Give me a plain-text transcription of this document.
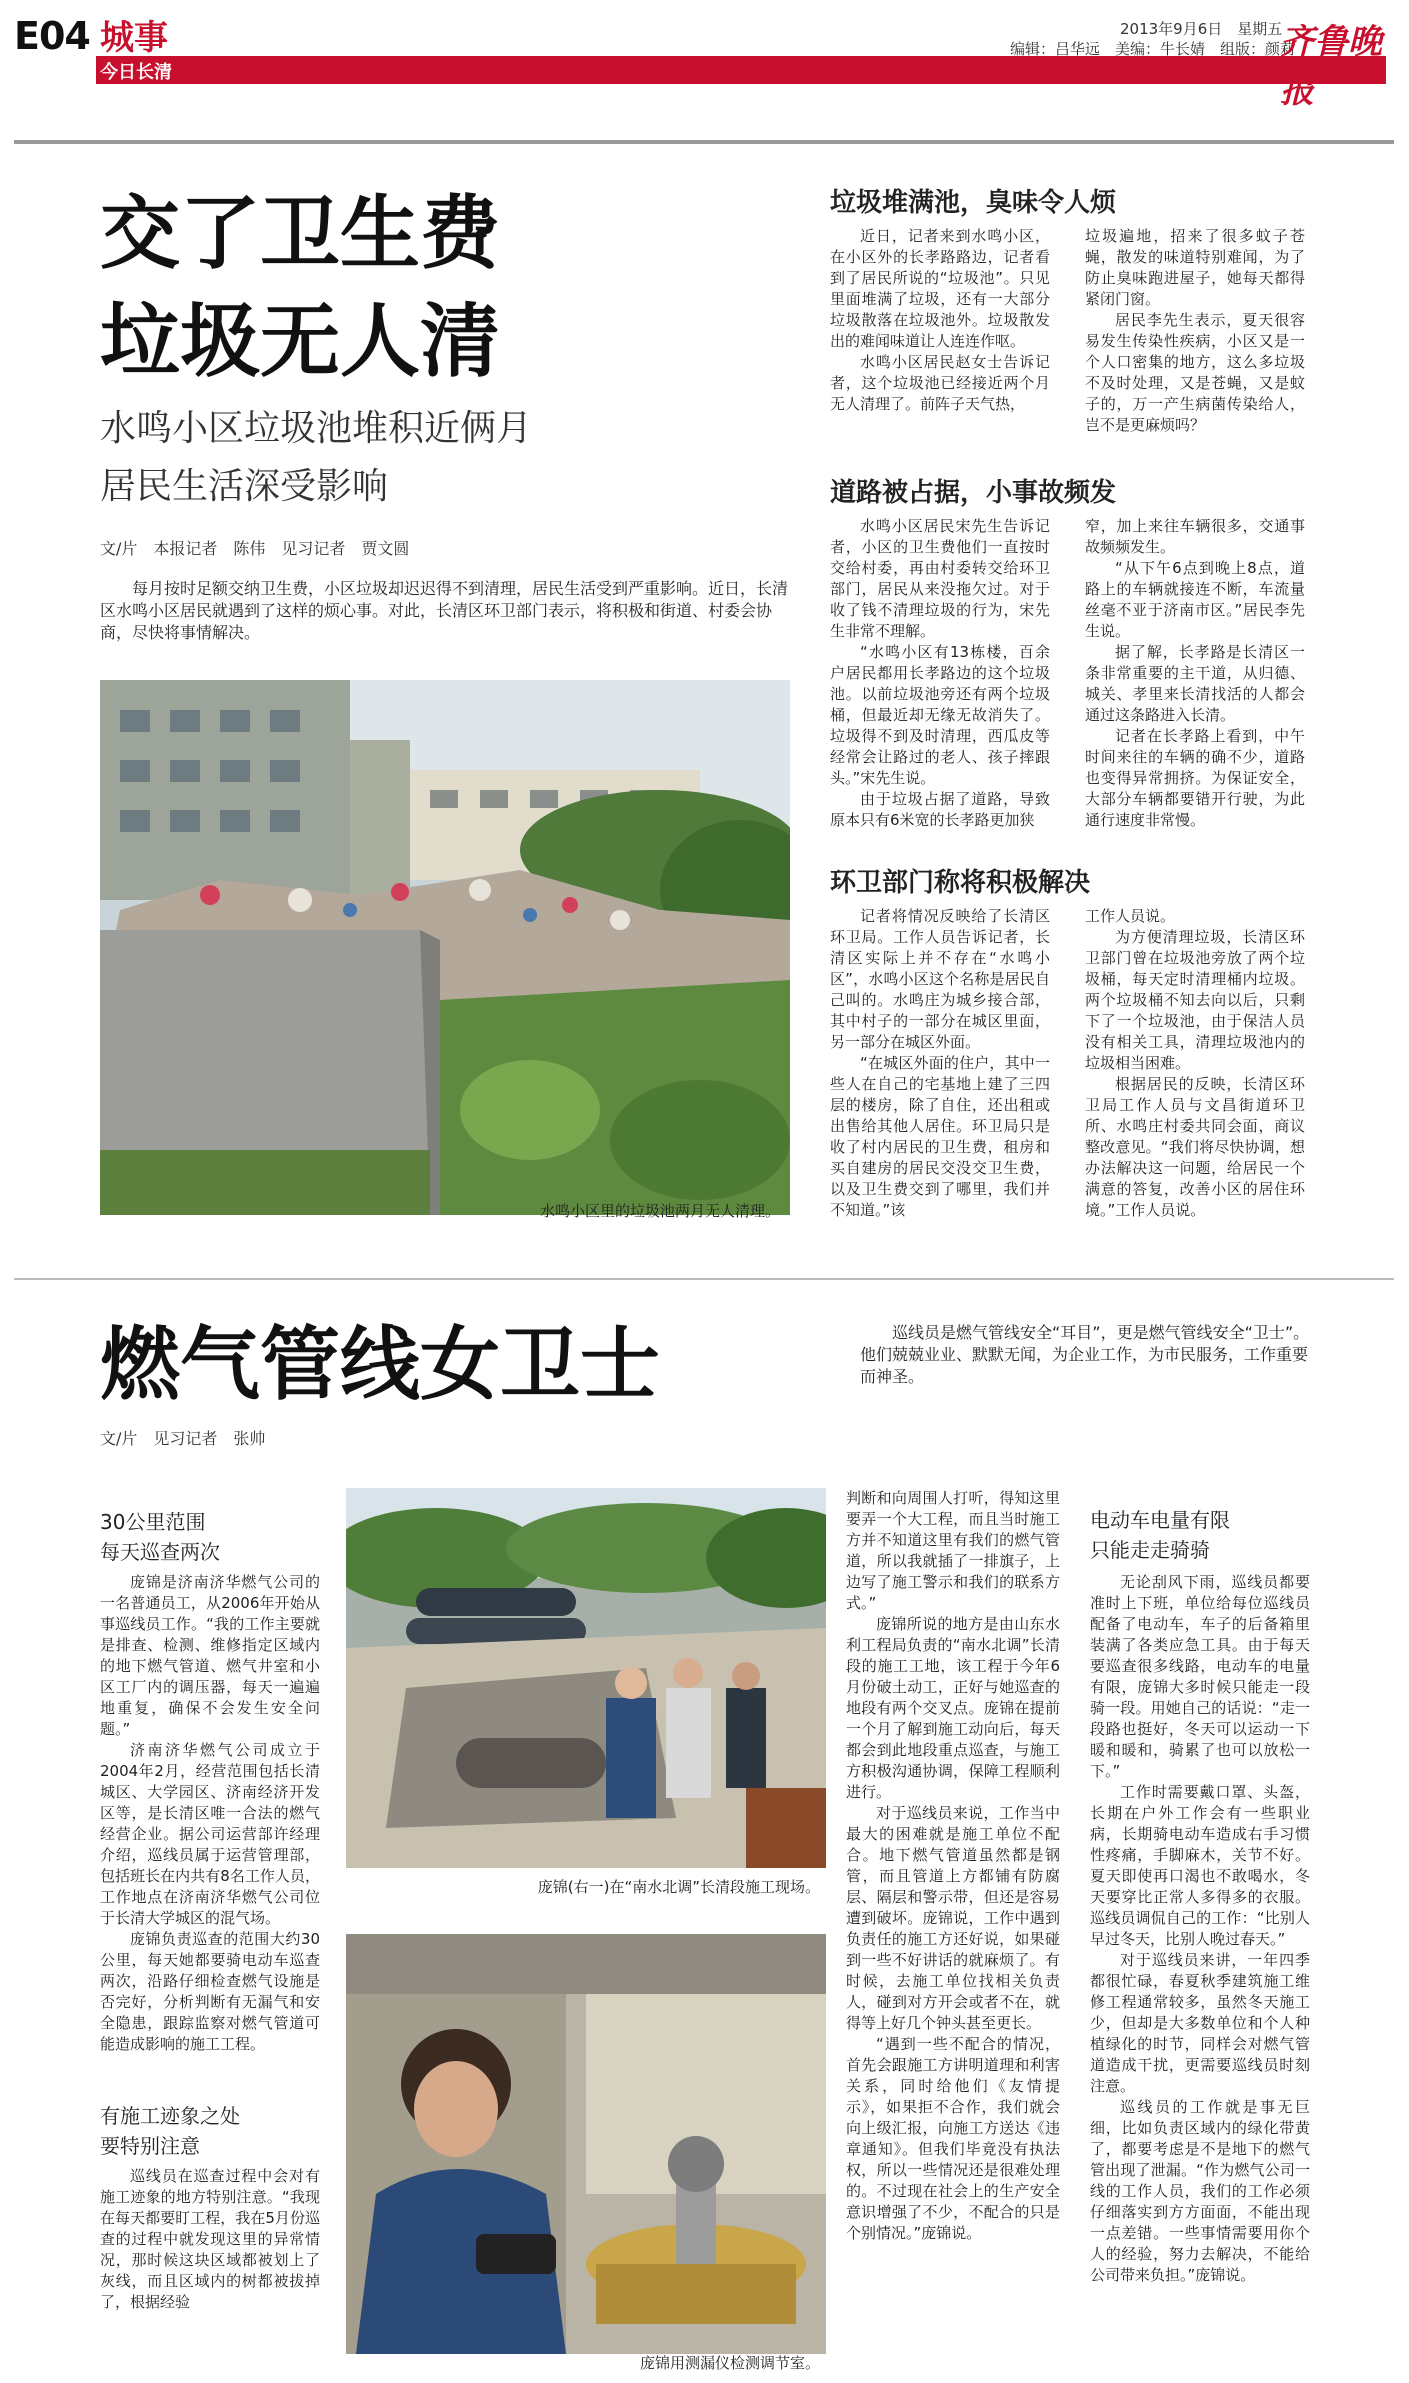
E04 城事
今日长清
2013年9月6日　星期五
编辑：吕华远　美编：牛长婧　组版：颜莉
齐鲁晚报
交了卫生费
垃圾无人清
水鸣小区垃圾池堆积近俩月
居民生活深受影响
文/片　本报记者　陈伟　见习记者　贾文圆
每月按时足额交纳卫生费，小区垃圾却迟迟得不到清理，居民生活受到严重影响。近日，长清区水鸣小区居民就遇到了这样的烦心事。对此，长清区环卫部门表示，将积极和街道、村委会协商，尽快将事情解决。
水鸣小区里的垃圾池两月无人清理。
垃圾堆满池，臭味令人烦

近日，记者来到水鸣小区，在小区外的长孝路路边，记者看到了居民所说的“垃圾池”。只见里面堆满了垃圾，还有一大部分垃圾散落在垃圾池外。垃圾散发出的难闻味道让人连连作呕。

水鸣小区居民赵女士告诉记者，这个垃圾池已经接近两个月无人清理了。前阵子天气热，

垃圾遍地，招来了很多蚊子苍蝇，散发的味道特别难闻，为了防止臭味跑进屋子，她每天都得紧闭门窗。

居民李先生表示，夏天很容易发生传染性疾病，小区又是一个人口密集的地方，这么多垃圾不及时处理，又是苍蝇，又是蚊子的，万一产生病菌传染给人，岂不是更麻烦吗？

道路被占据，小事故频发

水鸣小区居民宋先生告诉记者，小区的卫生费他们一直按时交给村委，再由村委转交给环卫部门，居民从来没拖欠过。对于收了钱不清理垃圾的行为，宋先生非常不理解。

“水鸣小区有13栋楼，百余户居民都用长孝路边的这个垃圾池。以前垃圾池旁还有两个垃圾桶，但最近却无缘无故消失了。垃圾得不到及时清理，西瓜皮等经常会让路过的老人、孩子摔跟头。”宋先生说。

由于垃圾占据了道路，导致原本只有6米宽的长孝路更加狭

窄，加上来往车辆很多，交通事故频频发生。

“从下午6点到晚上8点，道路上的车辆就接连不断，车流量丝毫不亚于济南市区。”居民李先生说。

据了解，长孝路是长清区一条非常重要的主干道，从归德、城关、孝里来长清找活的人都会通过这条路进入长清。

记者在长孝路上看到，中午时间来往的车辆的确不少，道路也变得异常拥挤。为保证安全，大部分车辆都要错开行驶，为此通行速度非常慢。

环卫部门称将积极解决

记者将情况反映给了长清区环卫局。工作人员告诉记者，长清区实际上并不存在“水鸣小区”，水鸣小区这个名称是居民自己叫的。水鸣庄为城乡接合部，其中村子的一部分在城区里面，另一部分在城区外面。

“在城区外面的住户，其中一些人在自己的宅基地上建了三四层的楼房，除了自住，还出租或出售给其他人居住。环卫局只是收了村内居民的卫生费，租房和买自建房的居民交没交卫生费，以及卫生费交到了哪里，我们并不知道。”该

工作人员说。

为方便清理垃圾，长清区环卫部门曾在垃圾池旁放了两个垃圾桶，每天定时清理桶内垃圾。两个垃圾桶不知去向以后，只剩下了一个垃圾池，由于保洁人员没有相关工具，清理垃圾池内的垃圾相当困难。

根据居民的反映，长清区环卫局工作人员与文昌街道环卫所、水鸣庄村委共同会面，商议整改意见。“我们将尽快协调，想办法解决这一问题，给居民一个满意的答复，改善小区的居住环境。”工作人员说。

燃气管线女卫士	巡线员是燃气管线安全“耳目”，更是燃气管线安全“卫士”。他们兢兢业业、默默无闻，为企业工作，为市民服务，工作重要而神圣。
文/片　见习记者　张帅
30公里范围
每天巡查两次

庞锦是济南济华燃气公司的一名普通员工，从2006年开始从事巡线员工作。“我的工作主要就是排查、检测、维修指定区域内的地下燃气管道、燃气井室和小区工厂内的调压器，每天一遍遍地重复，确保不会发生安全问题。”

济南济华燃气公司成立于2004年2月，经营范围包括长清城区、大学园区、济南经济开发区等，是长清区唯一合法的燃气经营企业。据公司运营部许经理介绍，巡线员属于运营管理部，包括班长在内共有8名工作人员，工作地点在济南济华燃气公司位于长清大学城区的混气场。

庞锦负责巡查的范围大约30公里，每天她都要骑电动车巡查两次，沿路仔细检查燃气设施是否完好，分析判断有无漏气和安全隐患，跟踪监察对燃气管道可能造成影响的施工工程。

有施工迹象之处
要特别注意

巡线员在巡查过程中会对有施工迹象的地方特别注意。“我现在每天都要盯工程，我在5月份巡查的过程中就发现这里的异常情况，那时候这块区域都被划上了灰线，而且区域内的树都被拔掉了，根据经验

庞锦(右一)在“南水北调”长清段施工现场。
庞锦用测漏仪检测调节室。

判断和向周围人打听，得知这里要弄一个大工程，而且当时施工方并不知道这里有我们的燃气管道，所以我就插了一排旗子，上边写了施工警示和我们的联系方式。”

庞锦所说的地方是由山东水利工程局负责的“南水北调”长清段的施工工地，该工程于今年6月份破土动工，正好与她巡查的地段有两个交叉点。庞锦在提前一个月了解到施工动向后，每天都会到此地段重点巡查，与施工方积极沟通协调，保障工程顺利进行。

对于巡线员来说，工作当中最大的困难就是施工单位不配合。地下燃气管道虽然都是钢管，而且管道上方都铺有防腐层、隔层和警示带，但还是容易遭到破坏。庞锦说，工作中遇到负责任的施工方还好说，如果碰到一些不好讲话的就麻烦了。有时候，去施工单位找相关负责人，碰到对方开会或者不在，就得等上好几个钟头甚至更长。

“遇到一些不配合的情况，首先会跟施工方讲明道理和利害关系，同时给他们《友情提示》，如果拒不合作，我们就会向上级汇报，向施工方送达《违章通知》。但我们毕竟没有执法权，所以一些情况还是很难处理的。不过现在社会上的生产安全意识增强了不少，不配合的只是个别情况。”庞锦说。

电动车电量有限
只能走走骑骑

无论刮风下雨，巡线员都要准时上下班，单位给每位巡线员配备了电动车，车子的后备箱里装满了各类应急工具。由于每天要巡查很多线路，电动车的电量有限，庞锦大多时候只能走一段骑一段。用她自己的话说：“走一段路也挺好，冬天可以运动一下暖和暖和，骑累了也可以放松一下。”

工作时需要戴口罩、头盔，长期在户外工作会有一些职业病，长期骑电动车造成右手习惯性疼痛，手脚麻木，关节不好。夏天即使再口渴也不敢喝水，冬天要穿比正常人多得多的衣服。巡线员调侃自己的工作：“比别人早过冬天，比别人晚过春天。”

对于巡线员来讲，一年四季都很忙碌，春夏秋季建筑施工维修工程通常较多，虽然冬天施工少，但却是大多数单位和个人种植绿化的时节，同样会对燃气管道造成干扰，更需要巡线员时刻注意。

巡线员的工作就是事无巨细，比如负责区域内的绿化带黄了，都要考虑是不是地下的燃气管出现了泄漏。“作为燃气公司一线的工作人员，我们的工作必须仔细落实到方方面面，不能出现一点差错。一些事情需要用你个人的经验，努力去解决，不能给公司带来负担。”庞锦说。
